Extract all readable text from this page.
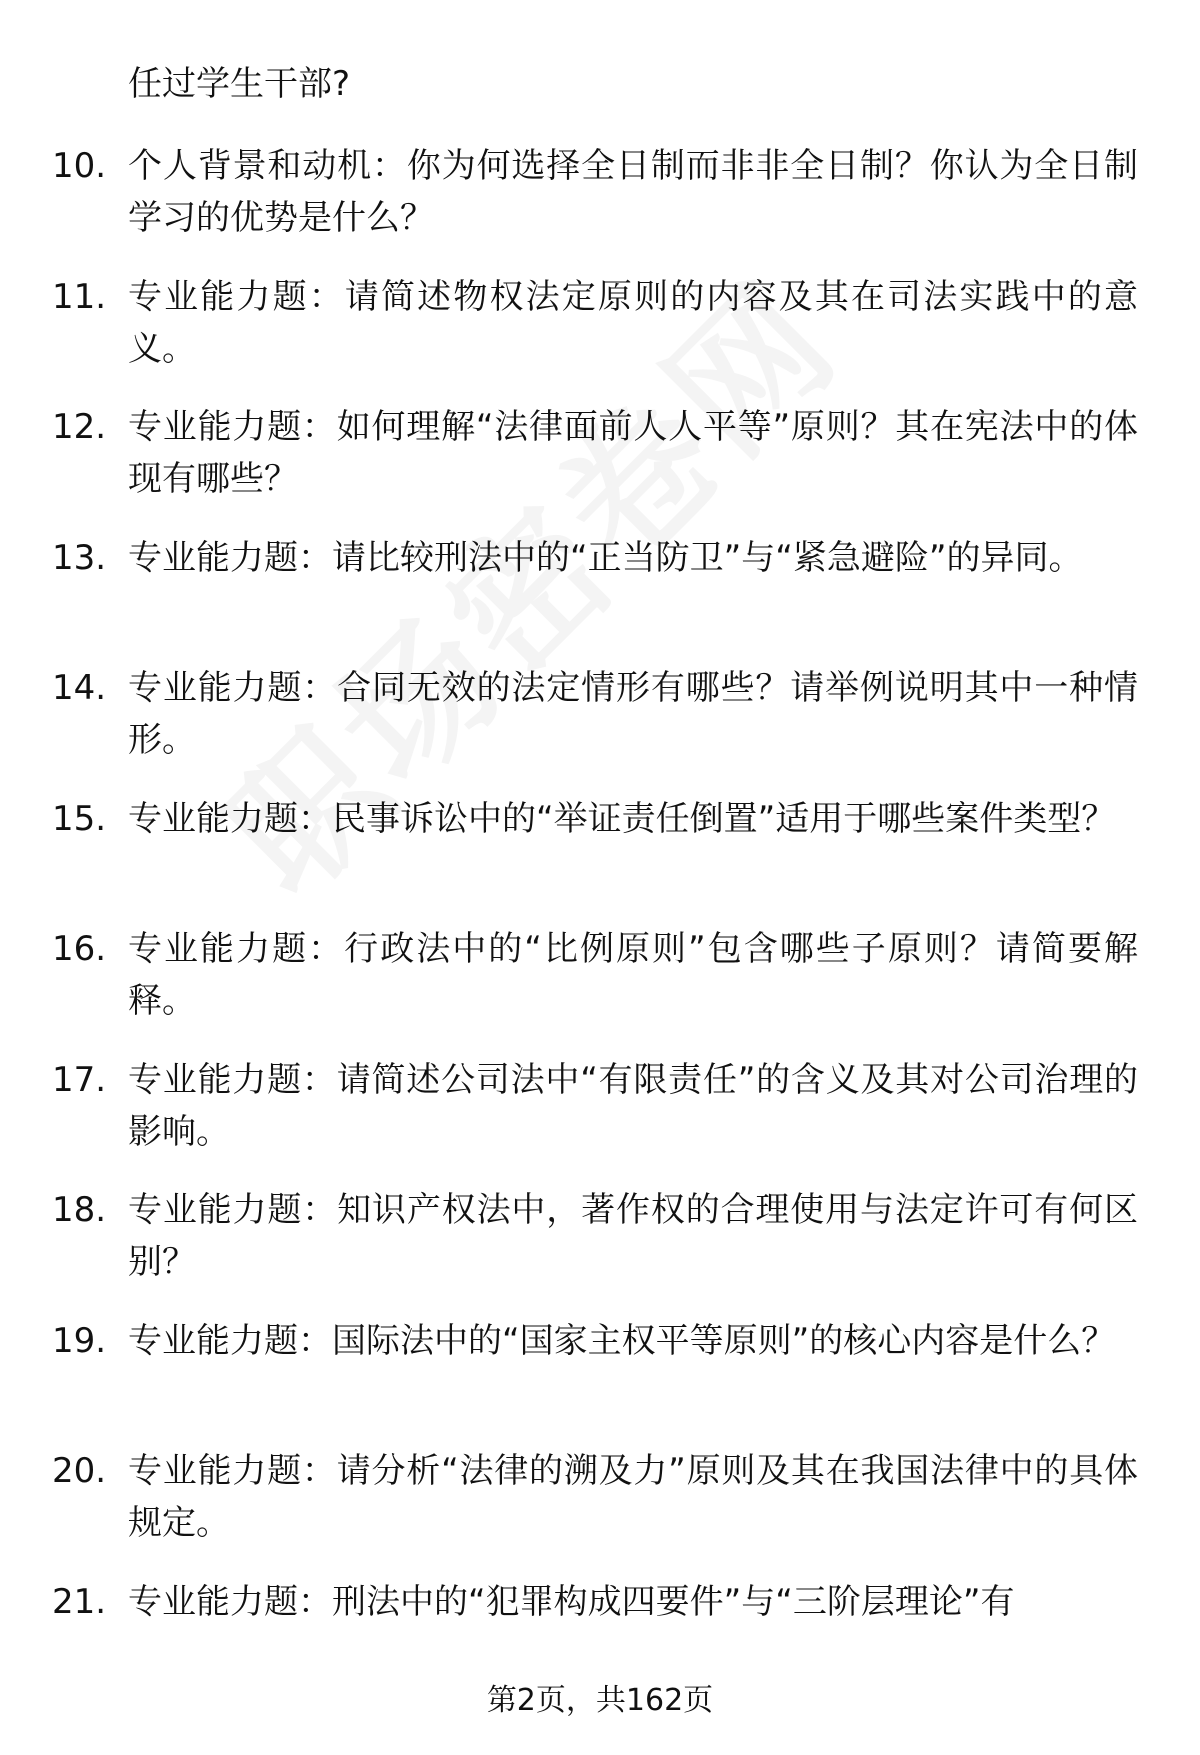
任过学生干部?
10. 个人背景和动机：你为何选择全日制而非非全日制？你认为全日制学习的优势是什么？
11. 专业能力题：请简述物权法定原则的内容及其在司法实践中的意义。
12. 专业能力题：如何理解“法律面前人人平等”原则？其在宪法中的体现有哪些？
13. 专业能力题：请比较刑法中的“正当防卫”与“紧急避险”的异同。
14. 专业能力题：合同无效的法定情形有哪些？请举例说明其中一种情形。
15. 专业能力题：民事诉讼中的“举证责任倒置”适用于哪些案件类型？
16. 专业能力题：行政法中的“比例原则”包含哪些子原则？请简要解释。
17. 专业能力题：请简述公司法中“有限责任”的含义及其对公司治理的影响。
18. 专业能力题：知识产权法中，著作权的合理使用与法定许可有何区别？
19. 专业能力题：国际法中的“国家主权平等原则”的核心内容是什么？
20. 专业能力题：请分析“法律的溯及力”原则及其在我国法律中的具体规定。
21. 专业能力题：刑法中的“犯罪构成四要件”与“三阶层理论”有
第2页，共162页
